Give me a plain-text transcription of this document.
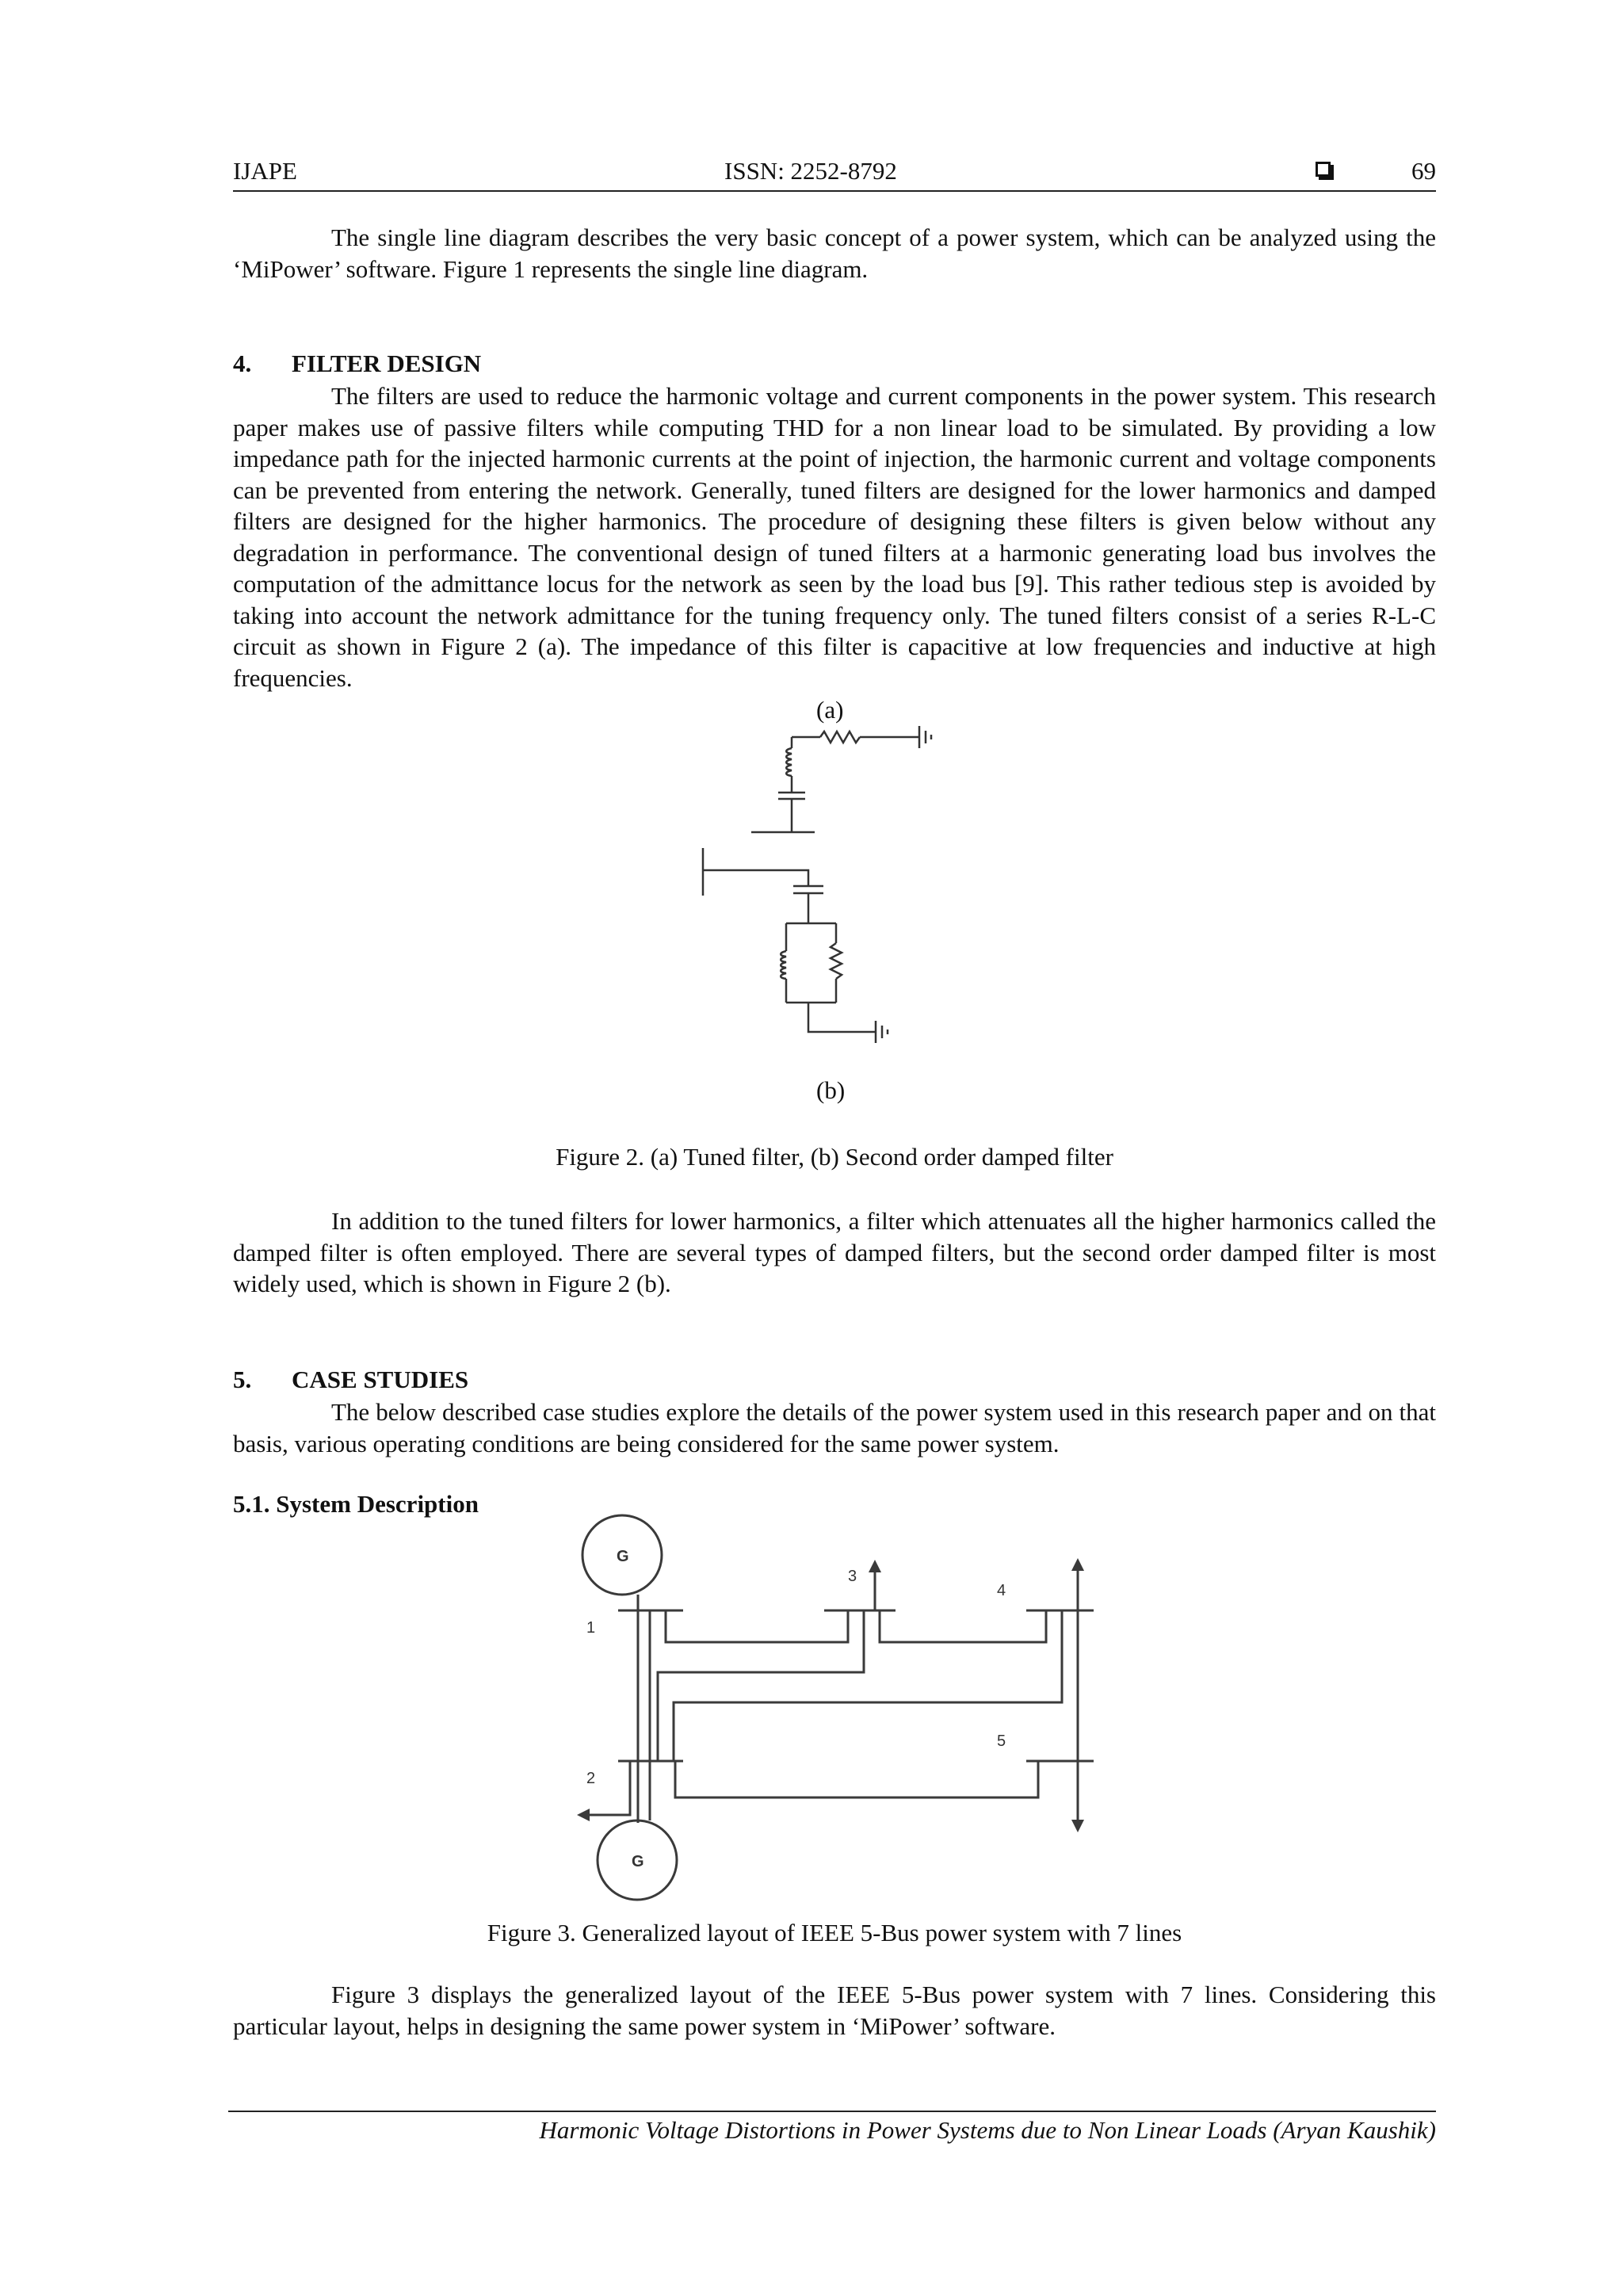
IJAPE	ISSN: 2252-8792	69
The single line diagram describes the very basic concept of a power system, which can be analyzed using the ‘MiPower’ software. Figure 1 represents the single line diagram.
4. FILTER DESIGN
The filters are used to reduce the harmonic voltage and current components in the power system. This research paper makes use of passive filters while computing THD for a non linear load to be simulated. By providing a low impedance path for the injected harmonic currents at the point of injection, the harmonic current and voltage components can be prevented from entering the network. Generally, tuned filters are designed for the lower harmonics and damped filters are designed for the higher harmonics. The procedure of designing these filters is given below without any degradation in performance. The conventional design of tuned filters at a harmonic generating load bus involves the computation of the admittance locus for the network as seen by the load bus [9]. This rather tedious step is avoided by taking into account the network admittance for the tuning frequency only. The tuned filters consist of a series R-L-C circuit as shown in Figure 2 (a). The impedance of this filter is capacitive at low frequencies and inductive at high frequencies.
(a)
(b)
Figure 2. (a) Tuned filter, (b) Second order damped filter
In addition to the tuned filters for lower harmonics, a filter which attenuates all the higher harmonics called the damped filter is often employed. There are several types of damped filters, but the second order damped filter is most widely used, which is shown in Figure 2 (b).
5. CASE STUDIES
The below described case studies explore the details of the power system used in this research paper and on that basis, various operating conditions are being considered for the same power system.
5.1. System Description
G
G
1
2
3
4
5
Figure 3. Generalized layout of IEEE 5-Bus power system with 7 lines
Figure 3 displays the generalized layout of the IEEE 5-Bus power system with 7 lines. Considering this particular layout, helps in designing the same power system in ‘MiPower’ software.
Harmonic Voltage Distortions in Power Systems due to Non Linear Loads (Aryan Kaushik)
